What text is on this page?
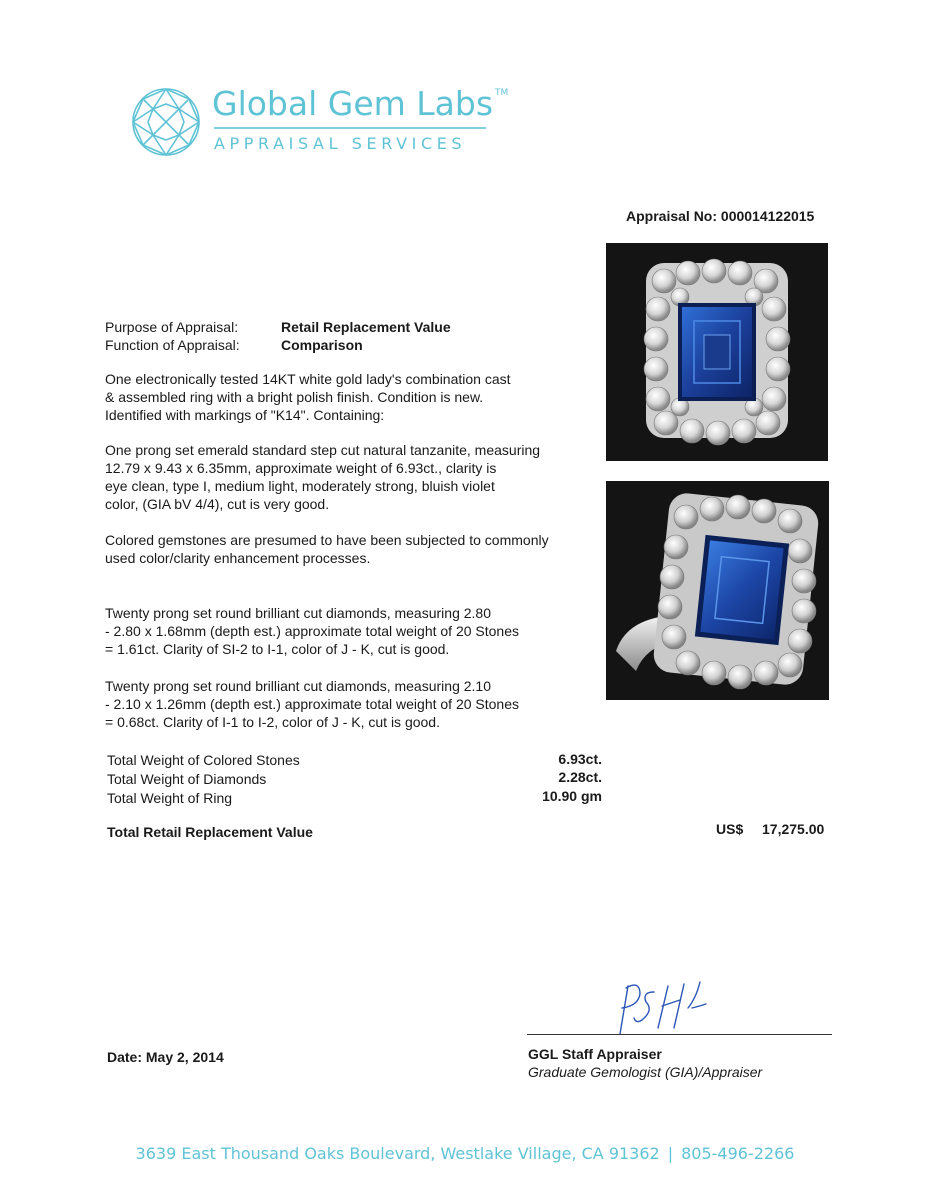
Global Gem Labs ™
APPRAISAL SERVICES
Appraisal No: 000014122015
Purpose of Appraisal:	Retail Replacement Value
Function of Appraisal:	Comparison
One electronically tested 14KT white gold lady's combination cast
& assembled ring with a bright polish finish. Condition is new.
Identified with markings of "K14". Containing:
One prong set emerald standard step cut natural tanzanite, measuring
12.79 x 9.43 x 6.35mm, approximate weight of 6.93ct., clarity is
eye clean, type I, medium light, moderately strong, bluish violet
color, (GIA bV 4/4), cut is very good.
Colored gemstones are presumed to have been subjected to commonly
used color/clarity enhancement processes.
Twenty prong set round brilliant cut diamonds, measuring 2.80
- 2.80 x 1.68mm (depth est.) approximate total weight of 20 Stones
= 1.61ct. Clarity of SI-2 to I-1, color of J - K, cut is good.
Twenty prong set round brilliant cut diamonds, measuring 2.10
- 2.10 x 1.26mm (depth est.) approximate total weight of 20 Stones
= 0.68ct. Clarity of I-1 to I-2, color of J - K, cut is good.
Total Weight of Colored Stones	6.93ct.
Total Weight of Diamonds	2.28ct.
Total Weight of Ring	10.90 gm
Total Retail Replacement Value	US$ 17,275.00
Date: May 2, 2014	GGL Staff Appraiser
Graduate Gemologist (GIA)/Appraiser
3639 East Thousand Oaks Boulevard, Westlake Village, CA 91362 | 805-496-2266
